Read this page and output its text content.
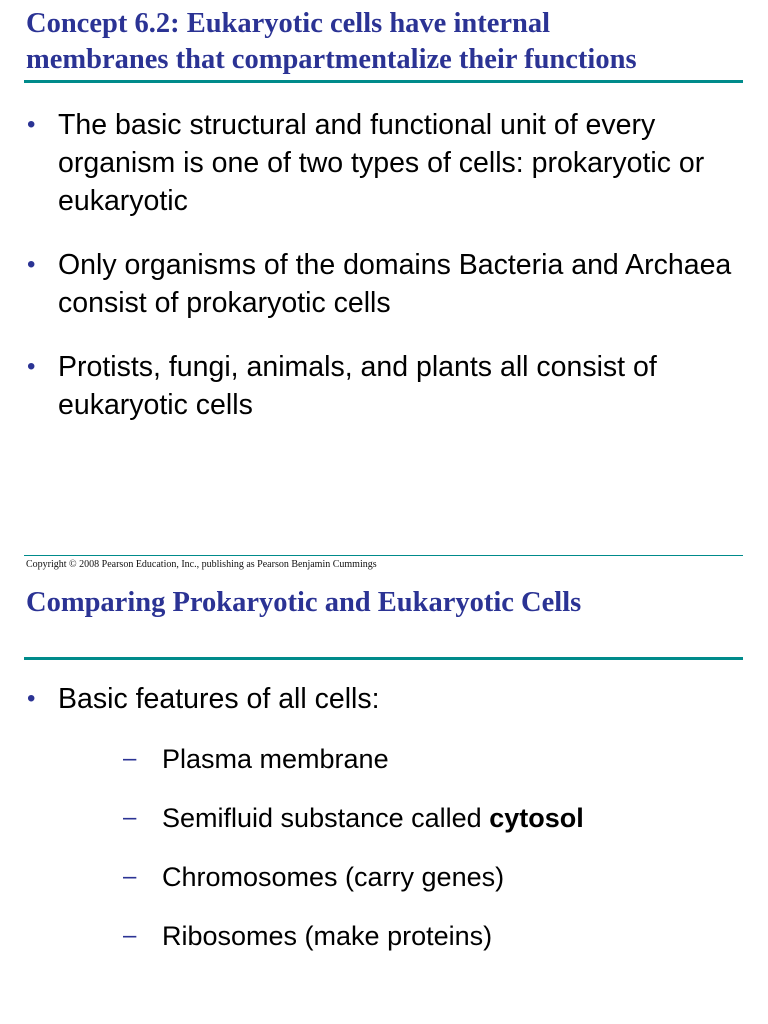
Concept 6.2: Eukaryotic cells have internal
membranes that compartmentalize their functions
• The basic structural and functional unit of every organism is one of two types of cells: prokaryotic or eukaryotic
• Only organisms of the domains Bacteria and Archaea consist of prokaryotic cells
• Protists, fungi, animals, and plants all consist of eukaryotic cells
Copyright © 2008 Pearson Education, Inc., publishing as Pearson Benjamin Cummings
Comparing Prokaryotic and Eukaryotic Cells
• Basic features of all cells:
– Plasma membrane
– Semifluid substance called cytosol
– Chromosomes (carry genes)
– Ribosomes (make proteins)
